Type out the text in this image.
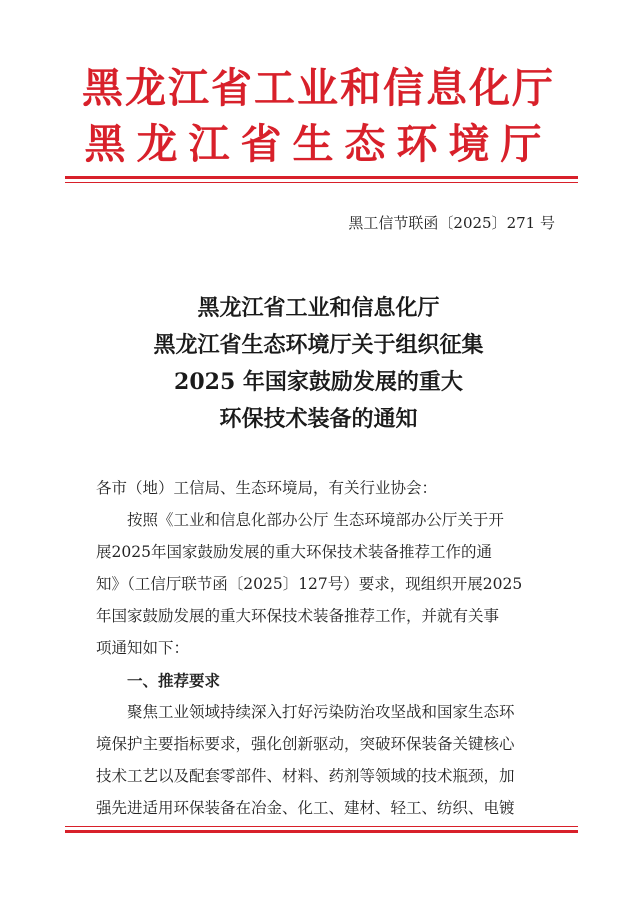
黑龙江省工业和信息化厅
黑龙江省生态环境厅
黑工信节联函〔2025〕271 号
黑龙江省工业和信息化厅
黑龙江省生态环境厅关于组织征集
2025 年国家鼓励发展的重大
环保技术装备的通知
各市（地）工信局、生态环境局，有关行业协会：
　　按照《工业和信息化部办公厅 生态环境部办公厅关于开
展2025年国家鼓励发展的重大环保技术装备推荐工作的通
知》（工信厅联节函〔2025〕127号）要求，现组织开展2025
年国家鼓励发展的重大环保技术装备推荐工作，并就有关事
项通知如下：
　　一、推荐要求
　　聚焦工业领域持续深入打好污染防治攻坚战和国家生态环
境保护主要指标要求，强化创新驱动，突破环保装备关键核心
技术工艺以及配套零部件、材料、药剂等领域的技术瓶颈，加
强先进适用环保装备在冶金、化工、建材、轻工、纺织、电镀
